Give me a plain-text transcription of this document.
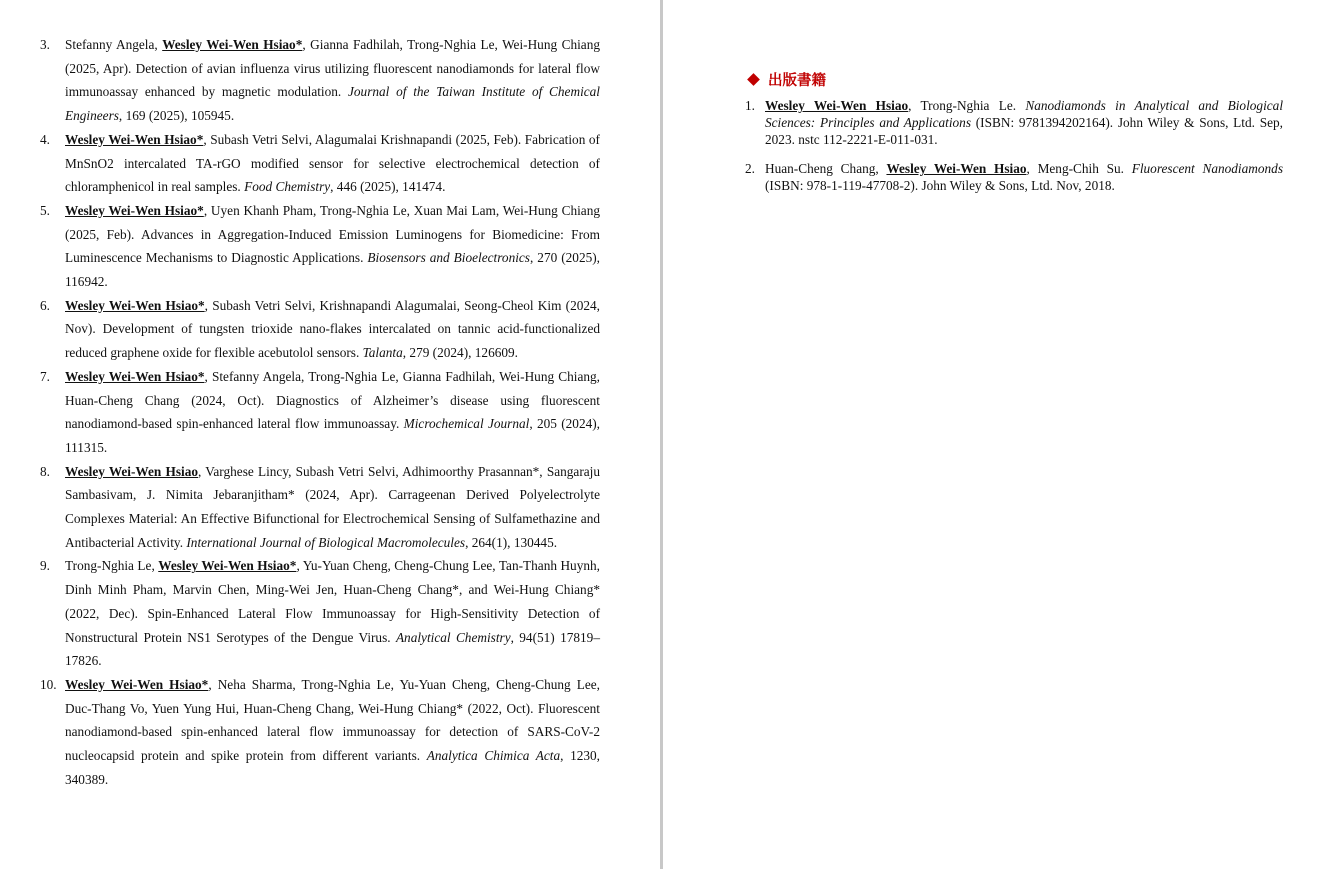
3.	Stefanny Angela, Wesley Wei-Wen Hsiao*, Gianna Fadhilah, Trong-Nghia Le, Wei-Hung Chiang (2025, Apr). Detection of avian influenza virus utilizing fluorescent nanodiamonds for lateral flow immunoassay enhanced by magnetic modulation. Journal of the Taiwan Institute of Chemical Engineers, 169 (2025), 105945.
4.	Wesley Wei-Wen Hsiao*, Subash Vetri Selvi, Alagumalai Krishnapandi (2025, Feb). Fabrication of MnSnO2 intercalated TA-rGO modified sensor for selective electrochemical detection of chloramphenicol in real samples. Food Chemistry, 446 (2025), 141474.
5.	Wesley Wei-Wen Hsiao*, Uyen Khanh Pham, Trong-Nghia Le, Xuan Mai Lam, Wei-Hung Chiang (2025, Feb). Advances in Aggregation-Induced Emission Luminogens for Biomedicine: From Luminescence Mechanisms to Diagnostic Applications. Biosensors and Bioelectronics, 270 (2025), 116942.
6.	Wesley Wei-Wen Hsiao*, Subash Vetri Selvi, Krishnapandi Alagumalai, Seong-Cheol Kim (2024, Nov). Development of tungsten trioxide nano-flakes intercalated on tannic acid-functionalized reduced graphene oxide for flexible acebutolol sensors. Talanta, 279 (2024), 126609.
7.	Wesley Wei-Wen Hsiao*, Stefanny Angela, Trong-Nghia Le, Gianna Fadhilah, Wei-Hung Chiang, Huan-Cheng Chang (2024, Oct). Diagnostics of Alzheimer’s disease using fluorescent nanodiamond-based spin-enhanced lateral flow immunoassay. Microchemical Journal, 205 (2024), 111315.
8.	Wesley Wei-Wen Hsiao, Varghese Lincy, Subash Vetri Selvi, Adhimoorthy Prasannan*, Sangaraju Sambasivam, J. Nimita Jebaranjitham* (2024, Apr). Carrageenan Derived Polyelectrolyte Complexes Material: An Effective Bifunctional for Electrochemical Sensing of Sulfamethazine and Antibacterial Activity. International Journal of Biological Macromolecules, 264(1), 130445.
9.	Trong-Nghia Le, Wesley Wei-Wen Hsiao*, Yu-Yuan Cheng, Cheng-Chung Lee, Tan-Thanh Huynh, Dinh Minh Pham, Marvin Chen, Ming-Wei Jen, Huan-Cheng Chang*, and Wei-Hung Chiang* (2022, Dec). Spin-Enhanced Lateral Flow Immunoassay for High-Sensitivity Detection of Nonstructural Protein NS1 Serotypes of the Dengue Virus. Analytical Chemistry, 94(51) 17819–17826.
10. Wesley Wei-Wen Hsiao*, Neha Sharma, Trong-Nghia Le, Yu-Yuan Cheng, Cheng-Chung Lee, Duc-Thang Vo, Yuen Yung Hui, Huan-Cheng Chang, Wei-Hung Chiang* (2022, Oct). Fluorescent nanodiamond-based spin-enhanced lateral flow immunoassay for detection of SARS-CoV-2 nucleocapsid protein and spike protein from different variants. Analytica Chimica Acta, 1230, 340389.
出版書籍
1. Wesley Wei-Wen Hsiao, Trong-Nghia Le. Nanodiamonds in Analytical and Biological Sciences: Principles and Applications (ISBN: 9781394202164). John Wiley & Sons, Ltd. Sep, 2023. nstc 112-2221-E-011-031.
2. Huan-Cheng Chang, Wesley Wei-Wen Hsiao, Meng-Chih Su. Fluorescent Nanodiamonds (ISBN: 978-1-119-47708-2). John Wiley & Sons, Ltd. Nov, 2018.
